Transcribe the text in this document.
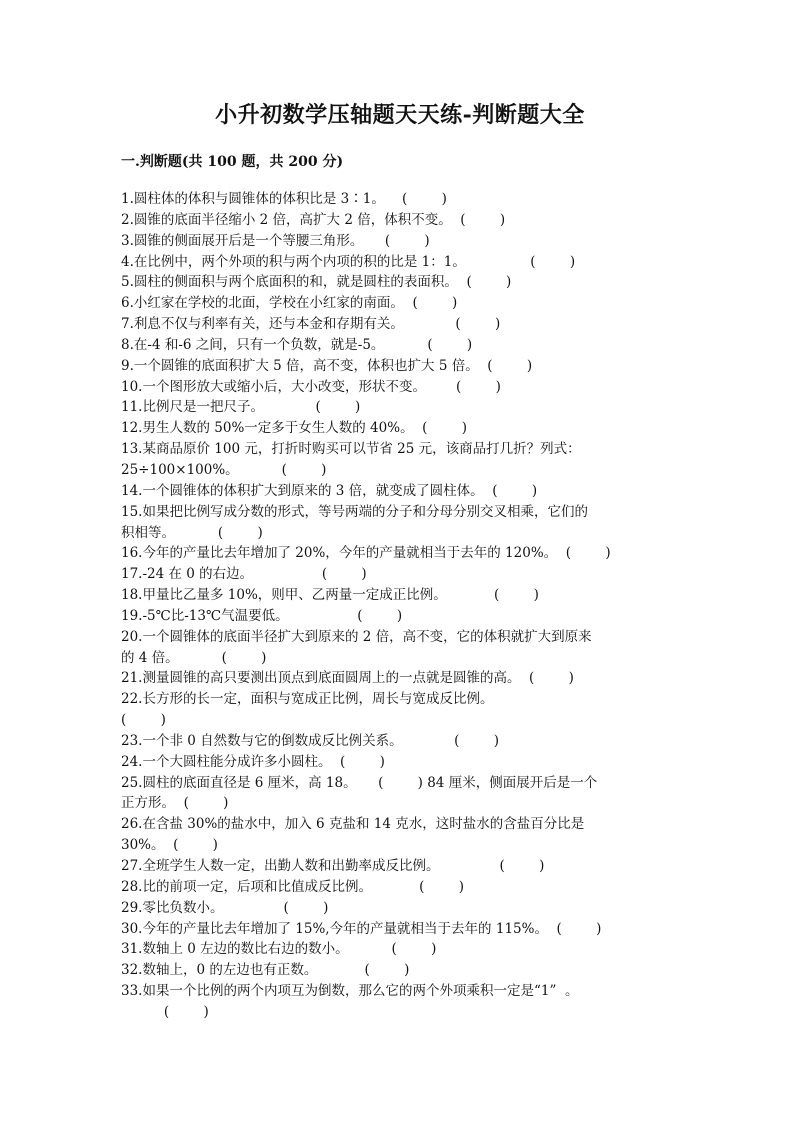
小升初数学压轴题天天练-判断题大全
一.判断题(共 100 题，共 200 分)
1.圆柱体的体积与圆锥体的体积比是 3∶1。    (        )
2.圆锥的底面半径缩小 2 倍，高扩大 2 倍，体积不变。  (        )
3.圆锥的侧面展开后是一个等腰三角形。     (        )
4.在比例中，两个外项的积与两个内项的积的比是 1：1。               (        )
5.圆柱的侧面积与两个底面积的和，就是圆柱的表面积。  (        )
6.小红家在学校的北面，学校在小红家的南面。  (        )
7.利息不仅与利率有关，还与本金和存期有关。            (        )
8.在-4 和-6 之间，只有一个负数，就是-5。          (        )
9.一个圆锥的底面积扩大 5 倍，高不变，体积也扩大 5 倍。  (        )
10.一个图形放大或缩小后，大小改变，形状不变。       (        )
11.比例尺是一把尺子。            (        )
12.男生人数的 50%一定多于女生人数的 40%。  (        )
13.某商品原价 100 元，打折时购买可以节省 25 元，该商品打几折？列式：
25÷100×100%。          (        )
14.一个圆锥体的体积扩大到原来的 3 倍，就变成了圆柱体。  (        )
15.如果把比例写成分数的形式，等号两端的分子和分母分别交叉相乘，它们的
积相等。          (        )
16.今年的产量比去年增加了 20%，今年的产量就相当于去年的 120%。  (        )
17.-24 在 0 的右边。                (        )
18.甲量比乙量多 10%，则甲、乙两量一定成正比例。           (        )
19.-5℃比-13℃气温要低。                (        )
20.一个圆锥体的底面半径扩大到原来的 2 倍，高不变，它的体积就扩大到原来
的 4 倍。          (        )
21.测量圆锥的高只要测出顶点到底面圆周上的一点就是圆锥的高。  (        )
22.长方形的长一定，面积与宽成正比例，周长与宽成反比例。
(        )
23.一个非 0 自然数与它的倒数成反比例关系。            (        )
24.一个大圆柱能分成许多小圆柱。  (        )
25.圆柱的底面直径是 6 厘米，高 18。     (        ) 84 厘米，侧面展开后是一个
正方形。  (        )
26.在含盐 30%的盐水中，加入 6 克盐和 14 克水，这时盐水的含盐百分比是
30%。  (        )
27.全班学生人数一定，出勤人数和出勤率成反比例。              (        )
28.比的前项一定，后项和比值成反比例。           (        )
29.零比负数小。              (        )
30.今年的产量比去年增加了 15%,今年的产量就相当于去年的 115%。  (        )
31.数轴上 0 左边的数比右边的数小。          (        )
32.数轴上，0 的左边也有正数。           (        )
33.如果一个比例的两个内项互为倒数，那么它的两个外项乘积一定是“1”  。
(        )
